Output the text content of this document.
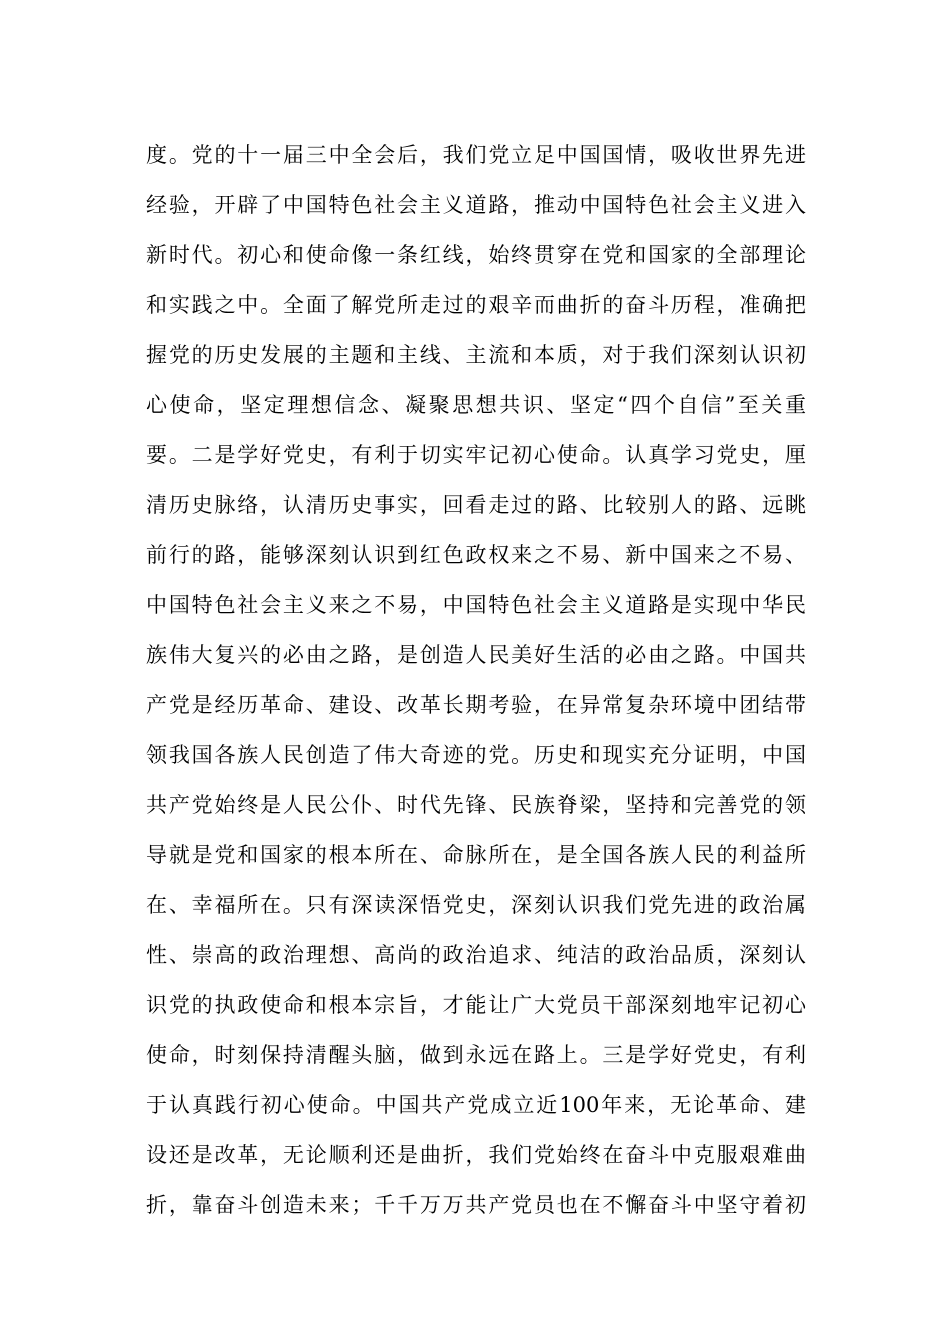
度。党的十一届三中全会后，我们党立足中国国情，吸收世界先进
经验，开辟了中国特色社会主义道路，推动中国特色社会主义进入
新时代。初心和使命像一条红线，始终贯穿在党和国家的全部理论
和实践之中。全面了解党所走过的艰辛而曲折的奋斗历程，准确把
握党的历史发展的主题和主线、主流和本质，对于我们深刻认识初
心使命，坚定理想信念、凝聚思想共识、坚定“四个自信”至关重
要。二是学好党史，有利于切实牢记初心使命。认真学习党史，厘
清历史脉络，认清历史事实，回看走过的路、比较别人的路、远眺
前行的路，能够深刻认识到红色政权来之不易、新中国来之不易、
中国特色社会主义来之不易，中国特色社会主义道路是实现中华民
族伟大复兴的必由之路，是创造人民美好生活的必由之路。中国共
产党是经历革命、建设、改革长期考验，在异常复杂环境中团结带
领我国各族人民创造了伟大奇迹的党。历史和现实充分证明，中国
共产党始终是人民公仆、时代先锋、民族脊梁，坚持和完善党的领
导就是党和国家的根本所在、命脉所在，是全国各族人民的利益所
在、幸福所在。只有深读深悟党史，深刻认识我们党先进的政治属
性、崇高的政治理想、高尚的政治追求、纯洁的政治品质，深刻认
识党的执政使命和根本宗旨，才能让广大党员干部深刻地牢记初心
使命，时刻保持清醒头脑，做到永远在路上。三是学好党史，有利
于认真践行初心使命。中国共产党成立近100年来，无论革命、建
设还是改革，无论顺利还是曲折，我们党始终在奋斗中克服艰难曲
折，靠奋斗创造未来；千千万万共产党员也在不懈奋斗中坚守着初
